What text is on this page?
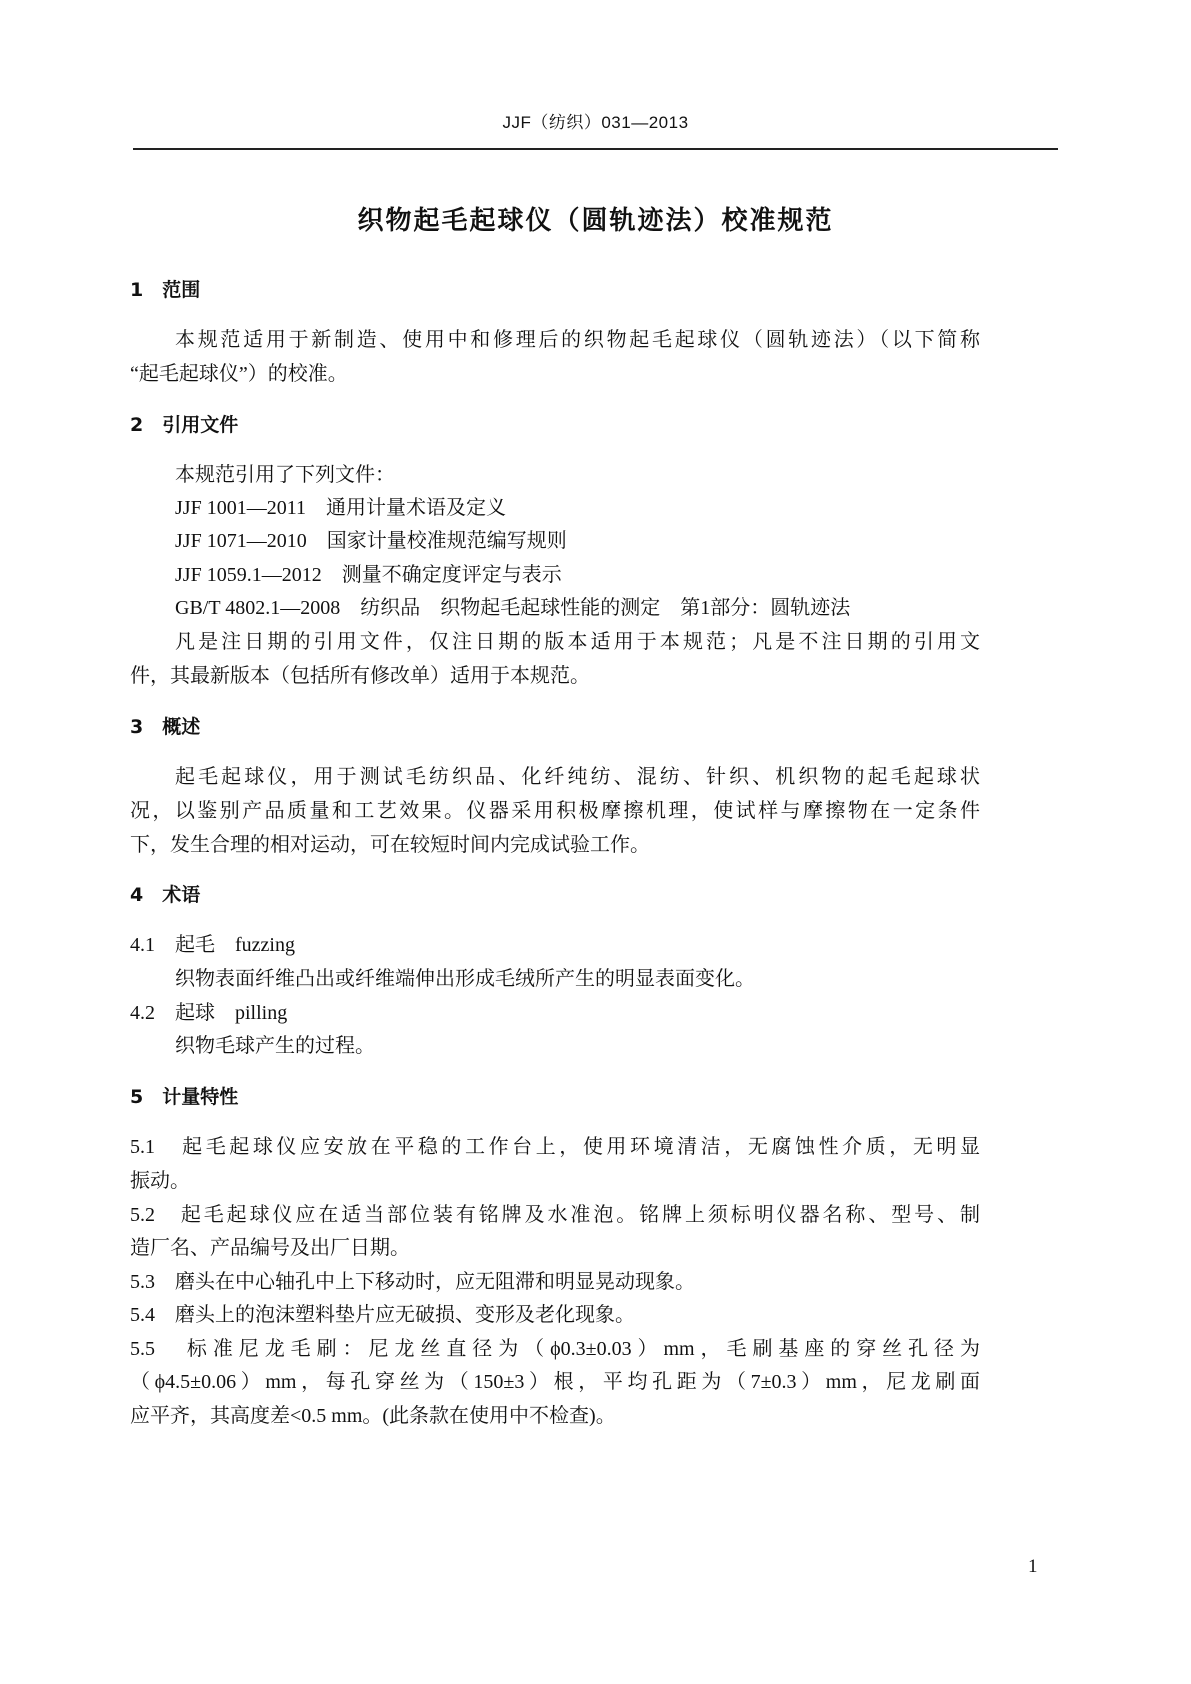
JJF（纺织）031—2013
织物起毛起球仪（圆轨迹法）校准规范
1　范围
本规范适用于新制造、使用中和修理后的织物起毛起球仪（圆轨迹法）（以下简称
“起毛起球仪”）的校准。
2　引用文件
本规范引用了下列文件：
JJF 1001—2011　通用计量术语及定义
JJF 1071—2010　国家计量校准规范编写规则
JJF 1059.1—2012　测量不确定度评定与表示
GB/T 4802.1—2008　纺织品　织物起毛起球性能的测定　第1部分：圆轨迹法
凡是注日期的引用文件，仅注日期的版本适用于本规范；凡是不注日期的引用文
件，其最新版本（包括所有修改单）适用于本规范。
3　概述
起毛起球仪，用于测试毛纺织品、化纤纯纺、混纺、针织、机织物的起毛起球状
况，以鉴别产品质量和工艺效果。仪器采用积极摩擦机理，使试样与摩擦物在一定条件
下，发生合理的相对运动，可在较短时间内完成试验工作。
4　术语
4.1　起毛　fuzzing
织物表面纤维凸出或纤维端伸出形成毛绒所产生的明显表面变化。
4.2　起球　pilling
织物毛球产生的过程。
5　计量特性
5.1　起毛起球仪应安放在平稳的工作台上，使用环境清洁，无腐蚀性介质，无明显
振动。
5.2　起毛起球仪应在适当部位装有铭牌及水准泡。铭牌上须标明仪器名称、型号、制
造厂名、产品编号及出厂日期。
5.3　磨头在中心轴孔中上下移动时，应无阻滞和明显晃动现象。
5.4　磨头上的泡沫塑料垫片应无破损、变形及老化现象。
5.5　标准尼龙毛刷：尼龙丝直径为（ϕ0.3±0.03）mm，毛刷基座的穿丝孔径为
（ϕ4.5±0.06）mm，每孔穿丝为（150±3）根，平均孔距为（7±0.3）mm，尼龙刷面
应平齐，其高度差<0.5 mm。(此条款在使用中不检查)。
1
